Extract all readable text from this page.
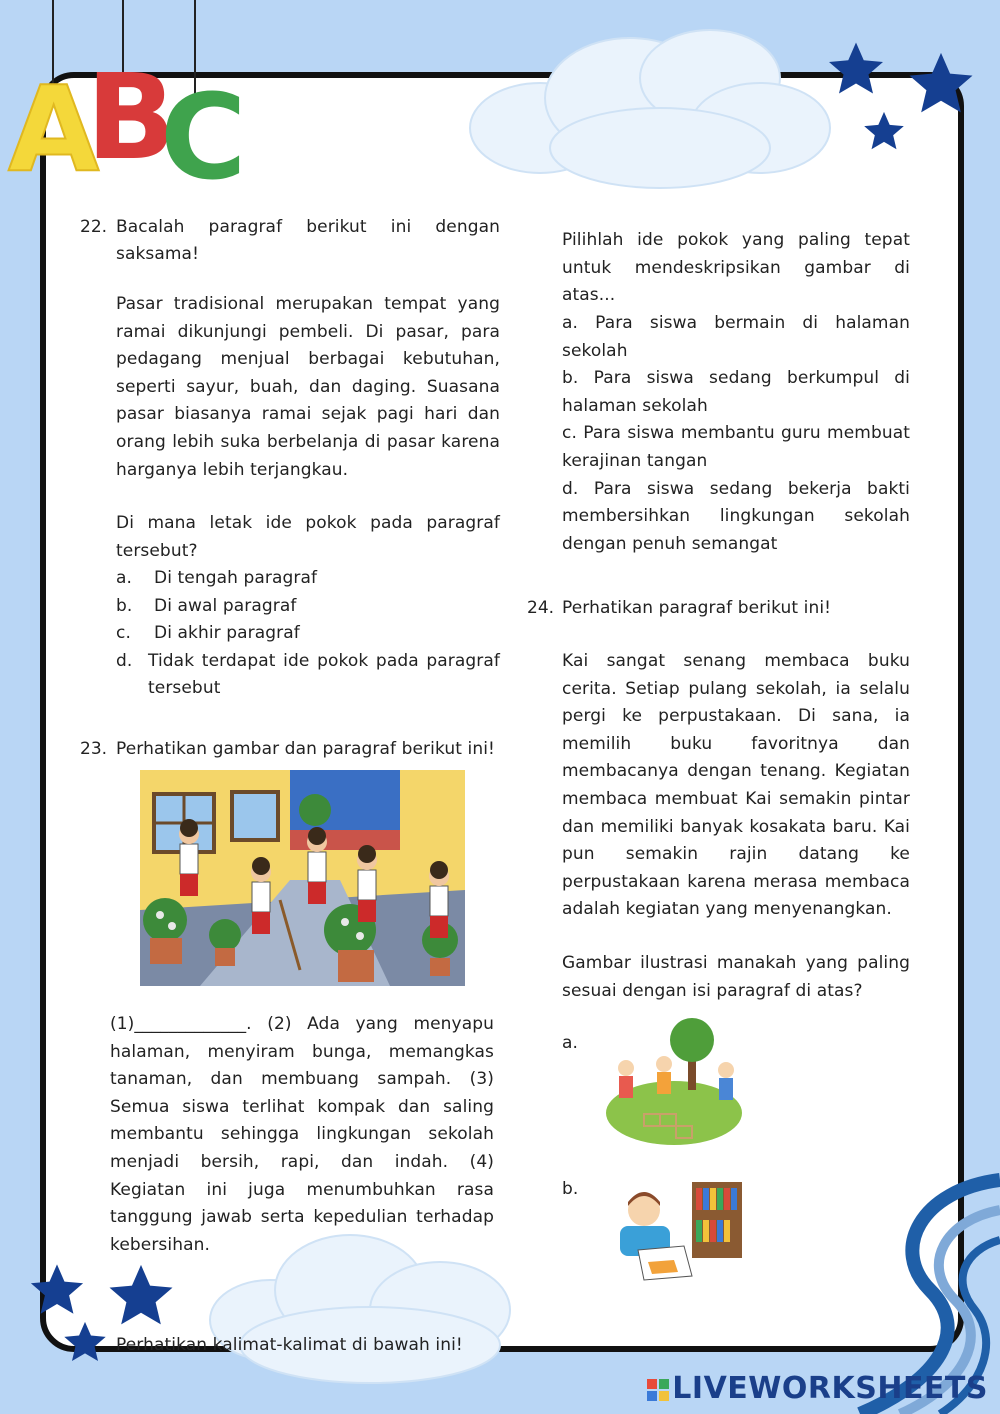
A
B
C
22. Bacalah paragraf berikut ini dengan
saksama!
Pasar tradisional merupakan tempat yang ramai dikunjungi pembeli. Di pasar, para pedagang menjual berbagai kebutuhan, seperti sayur, buah, dan daging. Suasana pasar biasanya ramai sejak pagi hari dan orang lebih suka berbelanja di pasar karena harganya lebih terjangkau.
Di mana letak ide pokok pada paragraf tersebut?
a.	Di tengah paragraf
b.	Di awal paragraf
c.	Di akhir paragraf
d. Tidak terdapat ide pokok pada paragraf tersebut
23. Perhatikan gambar dan paragraf berikut ini!
(1)_____________. (2) Ada yang menyapu halaman, menyiram bunga, memangkas tanaman, dan membuang sampah. (3) Semua siswa terlihat kompak dan saling membantu sehingga lingkungan sekolah menjadi bersih, rapi, dan indah. (4) Kegiatan ini juga menumbuhkan rasa tanggung jawab serta kepedulian terhadap kebersihan.
Pilihlah ide pokok yang paling tepat untuk mendeskripsikan gambar di atas...
a. Para siswa bermain di halaman sekolah
b. Para siswa sedang berkumpul di halaman sekolah
c. Para siswa membantu guru membuat kerajinan tangan
d. Para siswa sedang bekerja bakti membersihkan lingkungan sekolah dengan penuh semangat
24. Perhatikan paragraf berikut ini!
Kai sangat senang membaca buku cerita. Setiap pulang sekolah, ia selalu pergi ke perpustakaan. Di sana, ia memilih buku favoritnya dan membacanya dengan tenang. Kegiatan membaca membuat Kai semakin pintar dan memiliki banyak kosakata baru. Kai pun semakin rajin datang ke perpustakaan karena merasa membaca adalah kegiatan yang menyenangkan.
Gambar ilustrasi manakah yang paling sesuai dengan isi paragraf di atas?
a.
b.
Perhatikan kalimat-kalimat di bawah ini!
LIVEWORKSHEETS
